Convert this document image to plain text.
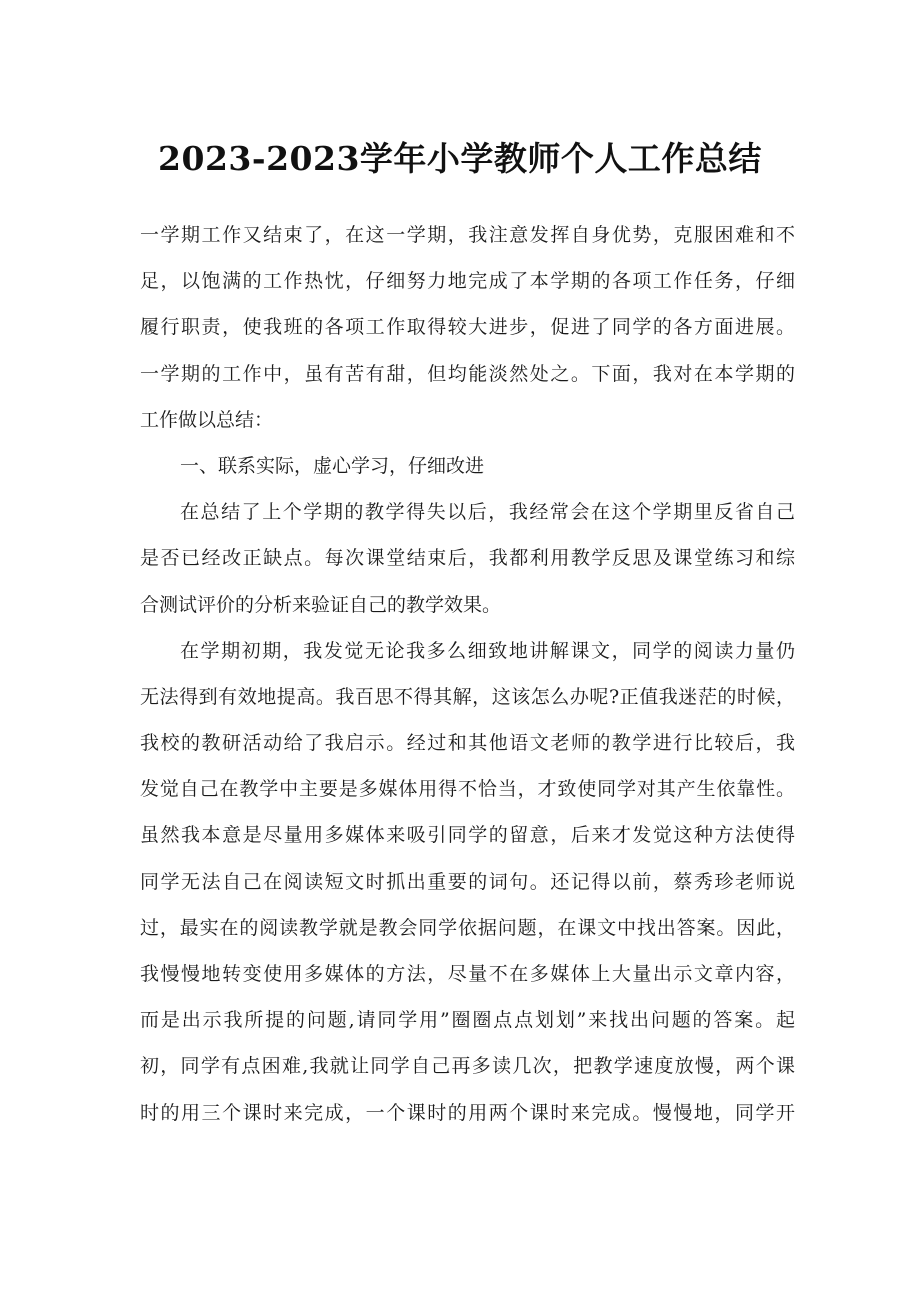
2023-2023学年小学教师个人工作总结
一学期工作又结束了，在这一学期，我注意发挥自身优势，克服困难和不
足，以饱满的工作热忱，仔细努力地完成了本学期的各项工作任务，仔细
履行职责，使我班的各项工作取得较大进步，促进了同学的各方面进展。
一学期的工作中，虽有苦有甜，但均能淡然处之。下面，我对在本学期的
工作做以总结：
一、联系实际，虚心学习，仔细改进
在总结了上个学期的教学得失以后，我经常会在这个学期里反省自己
是否已经改正缺点。每次课堂结束后，我都利用教学反思及课堂练习和综
合测试评价的分析来验证自己的教学效果。
在学期初期，我发觉无论我多么细致地讲解课文，同学的阅读力量仍
无法得到有效地提高。我百思不得其解，这该怎么办呢?正值我迷茫的时候，
我校的教研活动给了我启示。经过和其他语文老师的教学进行比较后，我
发觉自己在教学中主要是多媒体用得不恰当，才致使同学对其产生依靠性。
虽然我本意是尽量用多媒体来吸引同学的留意，后来才发觉这种方法使得
同学无法自己在阅读短文时抓出重要的词句。还记得以前，蔡秀珍老师说
过，最实在的阅读教学就是教会同学依据问题，在课文中找出答案。因此，
我慢慢地转变使用多媒体的方法，尽量不在多媒体上大量出示文章内容，
而是出示我所提的问题,请同学用”圈圈点点划划”来找出问题的答案。起
初，同学有点困难,我就让同学自己再多读几次，把教学速度放慢，两个课
时的用三个课时来完成，一个课时的用两个课时来完成。慢慢地，同学开
